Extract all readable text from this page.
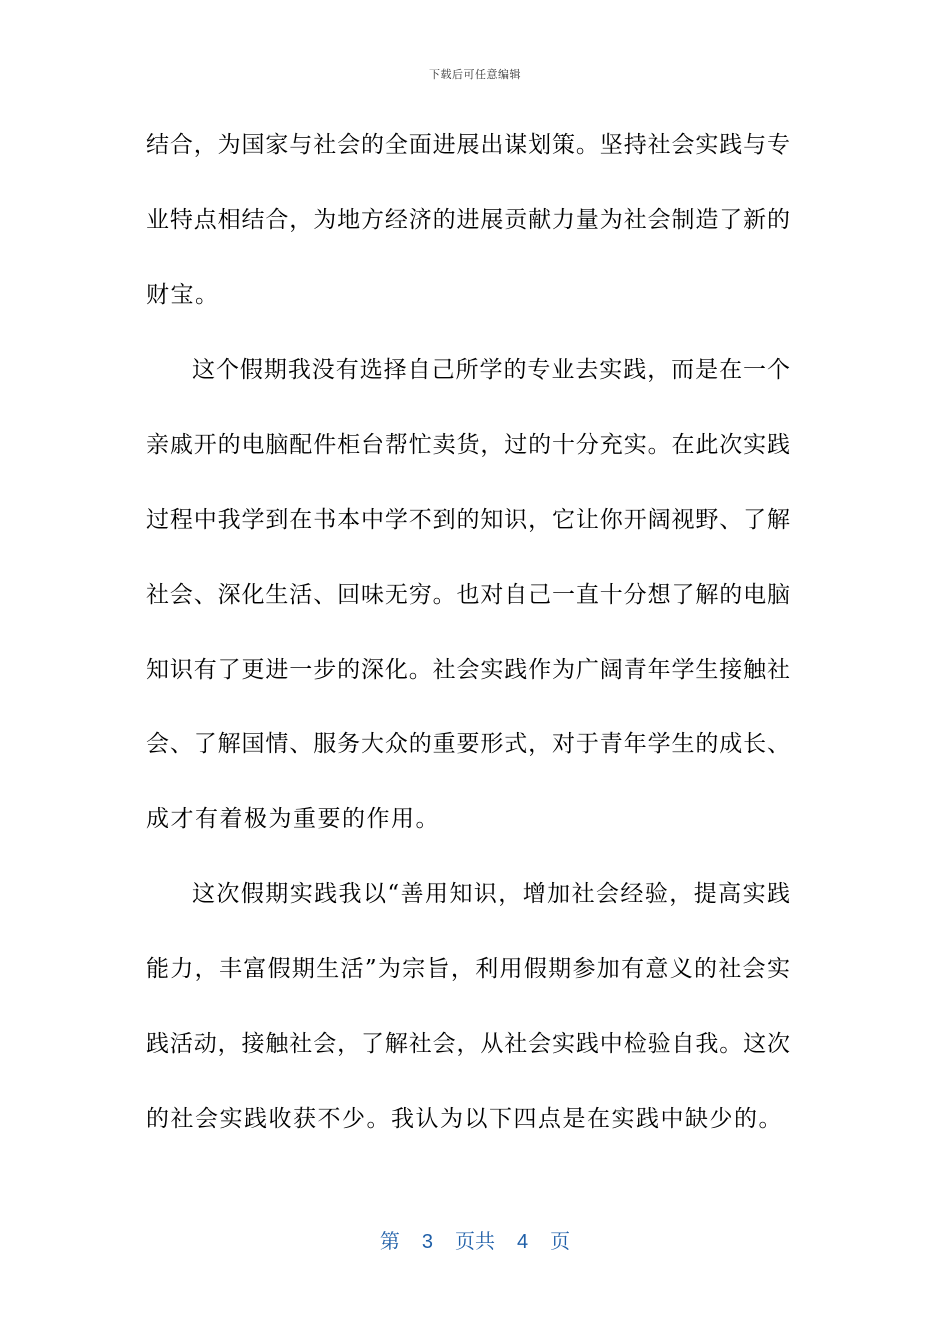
下载后可任意编辑
结合，为国家与社会的全面进展出谋划策。坚持社会实践与专
业特点相结合，为地方经济的进展贡献力量为社会制造了新的
财宝。
这个假期我没有选择自己所学的专业去实践，而是在一个
亲戚开的电脑配件柜台帮忙卖货，过的十分充实。在此次实践
过程中我学到在书本中学不到的知识，它让你开阔视野、了解
社会、深化生活、回味无穷。也对自己一直十分想了解的电脑
知识有了更进一步的深化。社会实践作为广阔青年学生接触社
会、了解国情、服务大众的重要形式，对于青年学生的成长、
成才有着极为重要的作用。
这次假期实践我以“善用知识，增加社会经验，提高实践
能力，丰富假期生活”为宗旨，利用假期参加有意义的社会实
践活动，接触社会，了解社会，从社会实践中检验自我。这次
的社会实践收获不少。我认为以下四点是在实践中缺少的。
第 3 页共 4 页
